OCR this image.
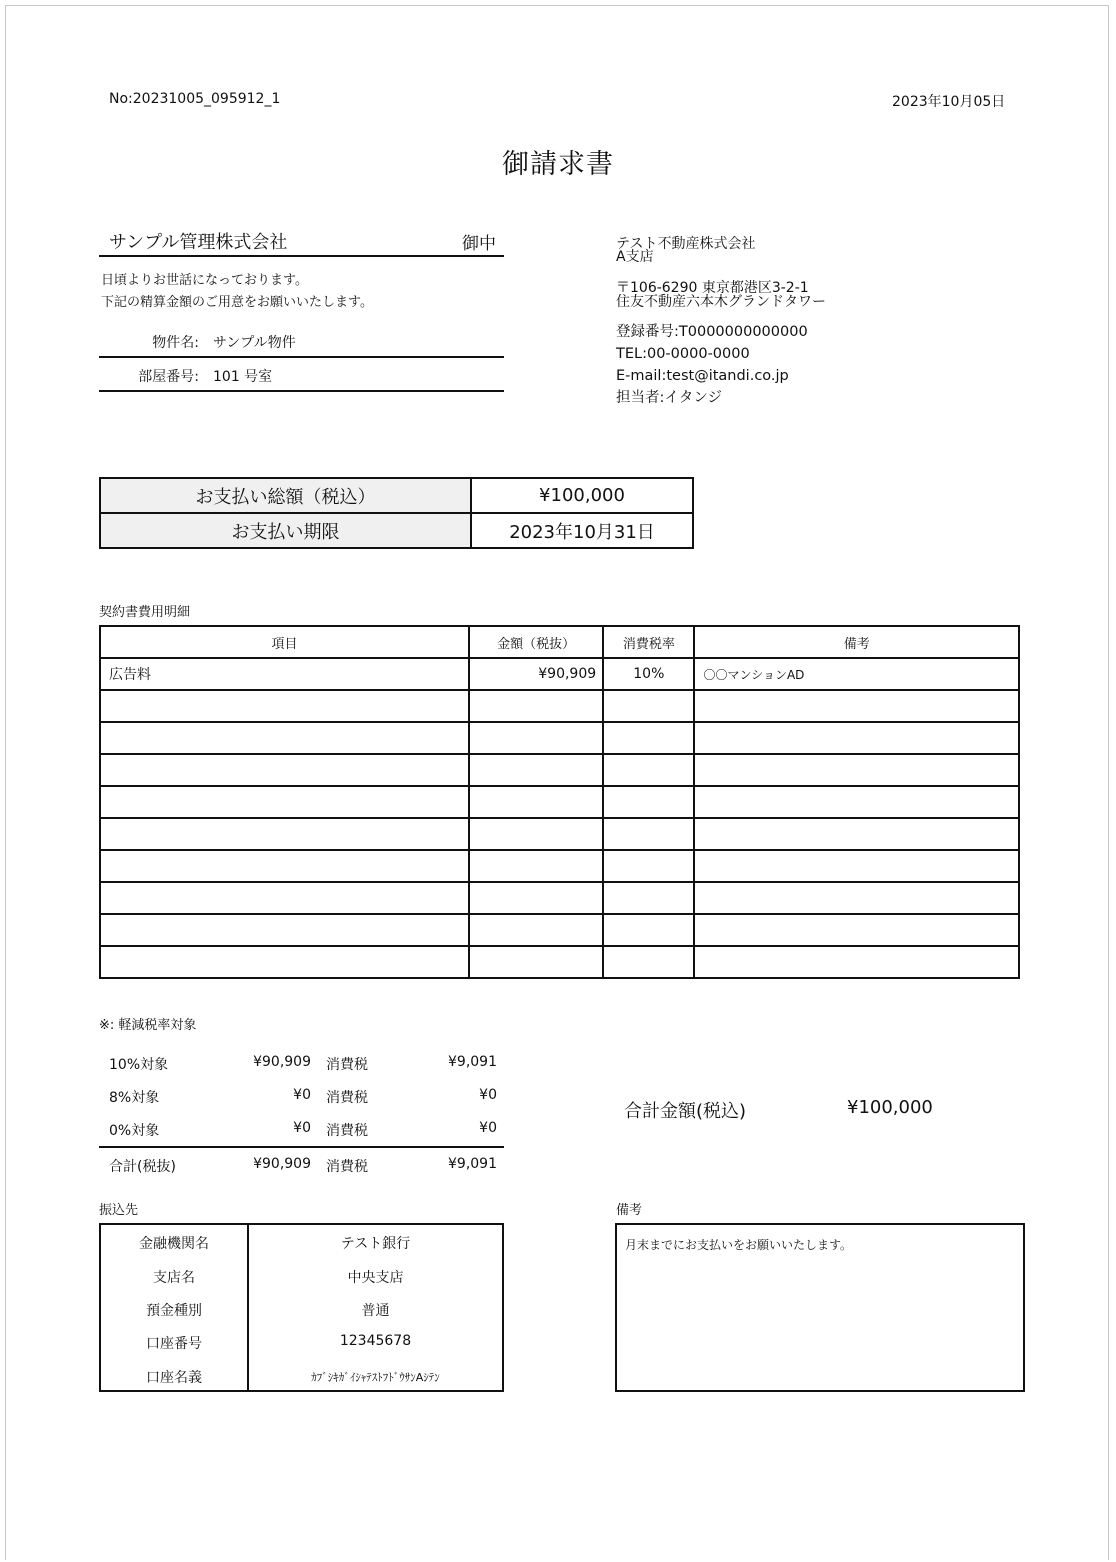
No:20231005_095912_1	2023年10月05日
御請求書
サンプル管理株式会社	御中
日頃よりお世話になっております。
下記の精算金額のご用意をお願いいたします。
物件名: サンプル物件
部屋番号: 101 号室
テスト不動産株式会社
A支店
〒106-6290 東京都港区3-2-1
住友不動産六本木グランドタワー
登録番号:T0000000000000
TEL:00-0000-0000
E-mail:test@itandi.co.jp
担当者:イタンジ
お支払い総額（税込）	¥100,000
お支払い期限	2023年10月31日
契約書費用明細
項目	金額（税抜）	消費税率	備考
広告料	¥90,909	10%	〇〇マンションAD

※: 軽減税率対象
10%対象	¥90,909 消費税	¥9,091
8%対象	¥0 消費税	¥0
0%対象	¥0 消費税	¥0
合計(税抜)	¥90,909 消費税	¥9,091
合計金額(税込)	¥100,000
振込先	備考
金融機関名	テスト銀行
支店名	中央支店
預金種別	普通
口座番号	12345678
口座名義	ｶﾌﾞｼｷｶﾞｲｼｬﾃｽﾄﾌﾄﾞｳｻﾝAｼﾃﾝ
月末までにお支払いをお願いいたします。
